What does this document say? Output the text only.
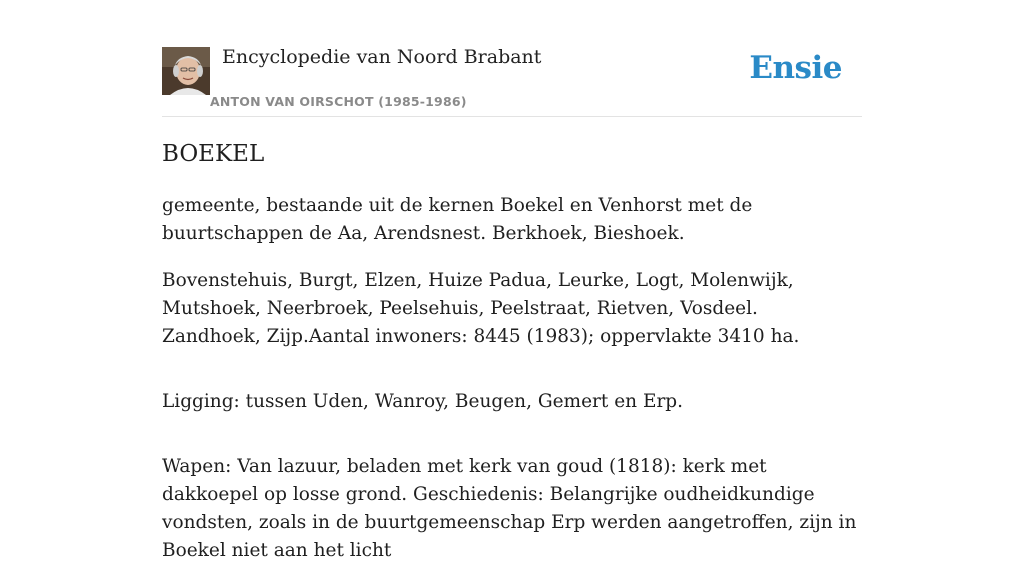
Encyclopedie van Noord Brabant
ANTON VAN OIRSCHOT (1985-1986)
Ensie
BOEKEL

gemeente, bestaande uit de kernen Boekel en Venhorst met de buurtschappen de Aa, Arendsnest. Berkhoek, Bieshoek.

Bovenstehuis, Burgt, Elzen, Huize Padua, Leurke, Logt, Molenwijk, Mutshoek, Neerbroek, Peelsehuis, Peelstraat, Rietven, Vosdeel. Zandhoek, Zijp.Aantal inwoners: 8445 (1983); oppervlakte 3410 ha.

Ligging: tussen Uden, Wanroy, Beugen, Gemert en Erp.

Wapen: Van lazuur, beladen met kerk van goud (1818): kerk met dakkoepel op losse grond. Geschiedenis: Belangrijke oudheidkundige vondsten, zoals in de buurtgemeenschap Erp werden aangetroffen, zijn in Boekel niet aan het licht
